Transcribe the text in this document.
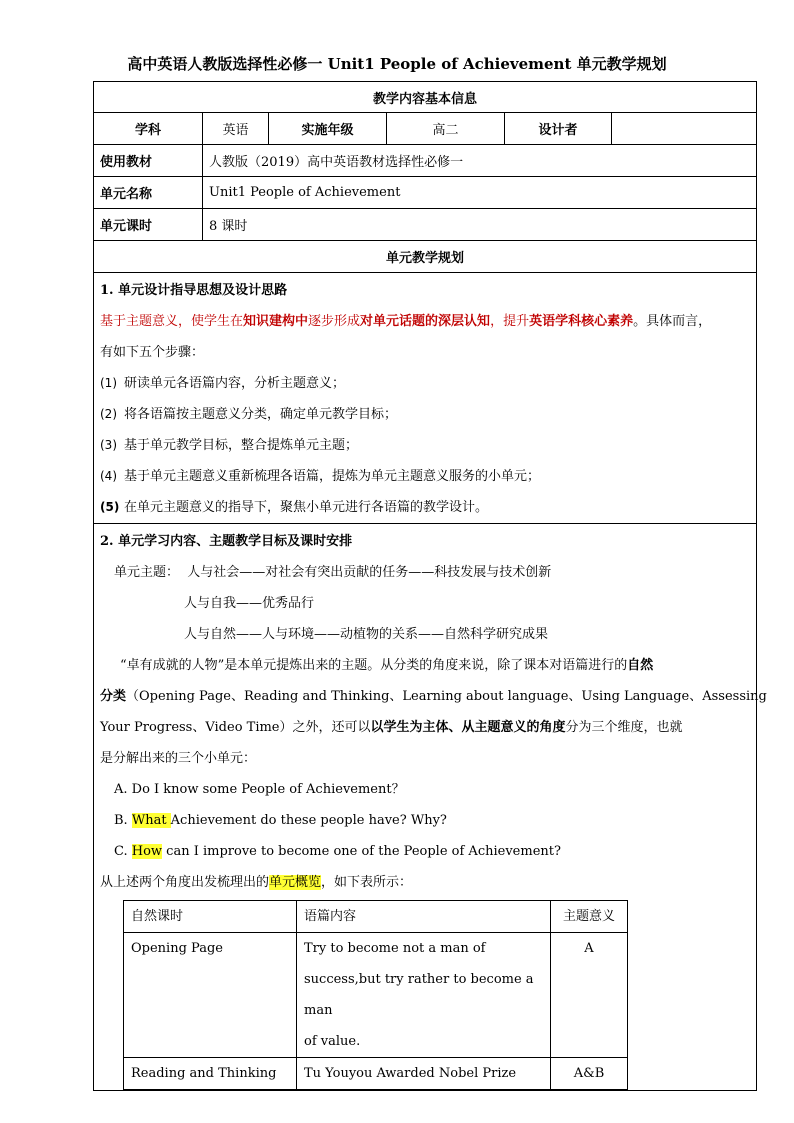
高中英语人教版选择性必修一 Unit1 People of Achievement 单元教学规划
教学内容基本信息
学科	英语	实施年级	高二	设计者	
使用教材	人教版（2019）高中英语教材选择性必修一
单元名称	Unit1 People of Achievement
单元课时	8 课时
单元教学规划

1. 单元设计指导思想及设计思路
基于主题意义，使学生在知识建构中逐步形成对单元话题的深层认知，提升英语学科核心素养。具体而言，
有如下五个步骤：
(1) 研读单元各语篇内容，分析主题意义；
(2) 将各语篇按主题意义分类，确定单元教学目标；
(3) 基于单元教学目标，整合提炼单元主题；
(4) 基于单元主题意义重新梳理各语篇，提炼为单元主题意义服务的小单元；
(5) 在单元主题意义的指导下，聚焦小单元进行各语篇的教学设计。

2. 单元学习内容、主题教学目标及课时安排
单元主题： 人与社会——对社会有突出贡献的任务——科技发展与技术创新
人与自我——优秀品行
人与自然——人与环境——动植物的关系——自然科学研究成果
“卓有成就的人物”是本单元提炼出来的主题。从分类的角度来说，除了课本对语篇进行的自然
分类（Opening Page、Reading and Thinking、Learning about language、Using Language、Assessing
Your Progress、Video Time）之外，还可以以学生为主体、从主题意义的角度分为三个维度，也就
是分解出来的三个小单元：
A. Do I know some People of Achievement？
B. What Achievement do these people have? Why?
C. How can I improve to become one of the People of Achievement?
从上述两个角度出发梳理出的单元概览，如下表所示：
自然课时	语篇内容	主题意义
Opening Page	Try to become not a man of
success,but try rather to become a man
of value.
	A
Reading and Thinking	Tu Youyou Awarded Nobel Prize	A&B
